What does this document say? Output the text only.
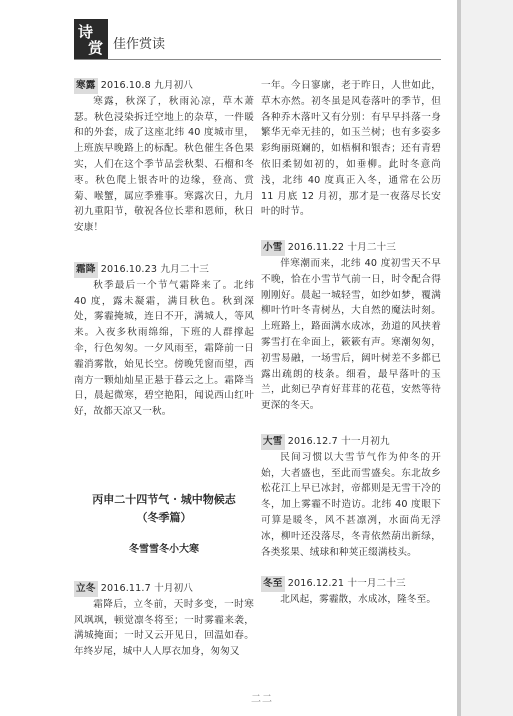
诗
赏 佳作赏读
寒露 2016.10.8 九月初八

寒露，秋深了，秋雨沁凉，草木萧瑟。秋色浸染拆迁空地上的杂草，一件暖和的外套，成了这座北纬 40 度城市里，上班族早晚路上的标配。秋色催生各色果实，人们在这个季节品尝秋梨、石榴和冬枣。秋色爬上银杏叶的边缘，登高、赏菊、喉蟹，属应季雅事。寒露次日，九月初九重阳节，敬祝各位长辈和恩师，秋日安康！

霜降 2016.10.23 九月二十三

秋季最后一个节气霜降来了。北纬 40 度，露未凝霜，满目秋色。秋到深处，雾霾掩城，连日不开，满城人，等风来。入夜多秋雨绵绵，下班的人群撑起伞，行色匆匆。一夕风雨至，霜降前一日霾消雾散，始见长空。傍晚凭窗而望，西南方一颗灿灿星正悬于暮云之上。霜降当日，晨起微寒，碧空艳阳，闻说西山红叶好，故都天凉又一秋。

丙申二十四节气 · 城中物候志
（冬季篇）
冬雪雪冬小大寒
立冬 2016.11.7 十月初八

霜降后，立冬前，天时多变，一时寒风飒飒，顿觉凛冬将至；一时雾霾来袭，满城掩面；一时又云开见日，回温如春。年终岁尾，城中人人厚衣加身，匆匆又

一年。今日寥廓，老于昨日，人世如此，草木亦然。初冬虽是风卷落叶的季节，但各种乔木落叶又有分别：有早早抖落一身繁华无牵无挂的，如玉兰树；也有多姿多彩绚丽斑斓的，如梧桐和银杏；还有青碧依旧柔韧如初的，如垂柳。此时冬意尚浅，北纬 40 度真正入冬，通常在公历 11 月底 12 月初，那才是一夜落尽长安叶的时节。

小雪 2016.11.22 十月二十三

伴寒潮而来，北纬 40 度初雪天不早不晚，恰在小雪节气前一日，时令配合得刚刚好。晨起一城轻雪，如纱如梦，覆满柳叶竹叶冬青树丛，大自然的魔法时刻。上班路上，路面满水成冰，劲道的风挟着雾雪打在伞面上，簌簌有声。寒潮匆匆，初雪易融，一场雪后，阔叶树差不多都已露出疏朗的枝条。细看，最早落叶的玉兰，此刻已孕育好茸茸的花苞，安然等待更深的冬天。

大雪 2016.12.7 十一月初九

民间习惯以大雪节气作为仲冬的开始，大者盛也，至此而雪盛矣。东北故乡松花江上早已冰封，帝都则是无雪干冷的冬，加上雾霾不时造访。北纬 40 度眼下可算是暖冬，风不甚凛冽，水面尚无浮冰，柳叶还没落尽，冬青依然葫出新绿，各类浆果、绒球和种荚正缀满枝头。

冬至 2016.12.21 十一月二十三

北风起，雾霾散，水成冰，隆冬至。

二二
